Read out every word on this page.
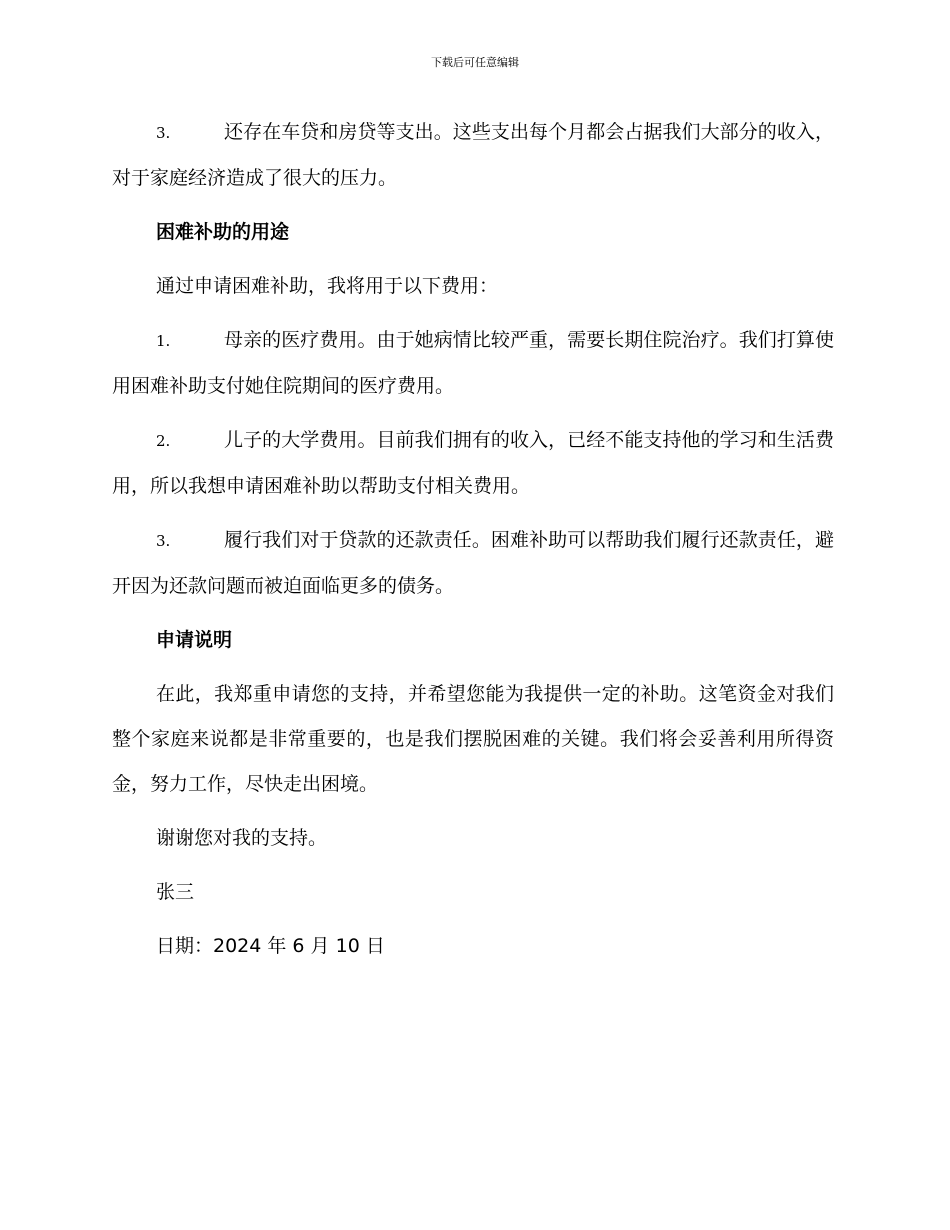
下载后可任意编辑

3.	还存在车贷和房贷等支出。这些支出每个月都会占据我们大部分的收入，对于家庭经济造成了很大的压力。

困难补助的用途

通过申请困难补助，我将用于以下费用：

1.	母亲的医疗费用。由于她病情比较严重，需要长期住院治疗。我们打算使用困难补助支付她住院期间的医疗费用。

2.	儿子的大学费用。目前我们拥有的收入，已经不能支持他的学习和生活费用，所以我想申请困难补助以帮助支付相关费用。

3.	履行我们对于贷款的还款责任。困难补助可以帮助我们履行还款责任，避开因为还款问题而被迫面临更多的债务。

申请说明

在此，我郑重申请您的支持，并希望您能为我提供一定的补助。这笔资金对我们整个家庭来说都是非常重要的，也是我们摆脱困难的关键。我们将会妥善利用所得资金，努力工作，尽快走出困境。

谢谢您对我的支持。

张三

日期：2024 年 6 月 10 日
